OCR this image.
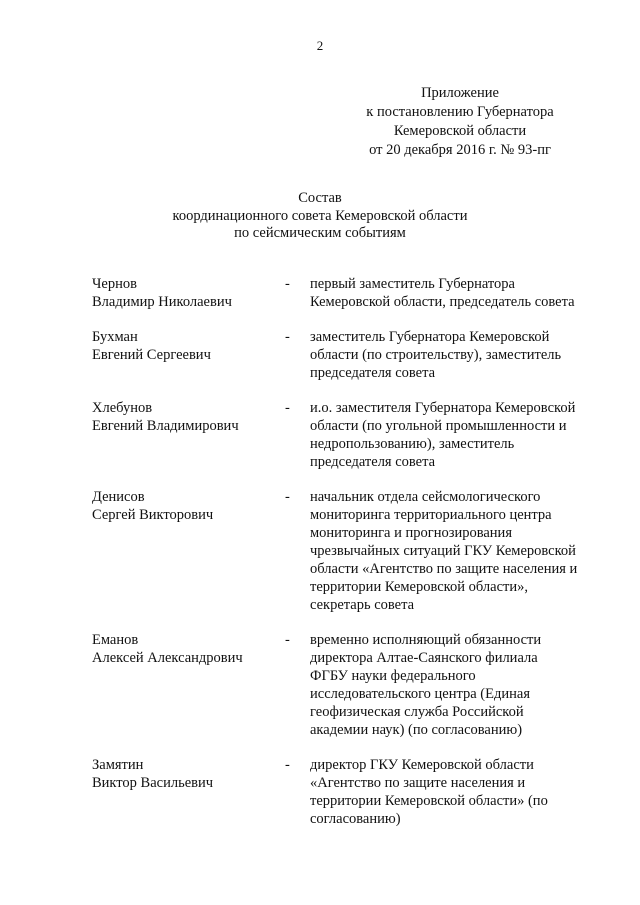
2
Приложение
к постановлению Губернатора
Кемеровской области
от 20 декабря 2016 г. № 93-пг
Состав
координационного совета Кемеровской области
по сейсмическим событиям
Чернов
Владимир Николаевич
-	первый заместитель Губернатора
Кемеровской области, председатель совета
Бухман
Евгений Сергеевич
-	заместитель Губернатора Кемеровской
области (по строительству), заместитель
председателя совета
Хлебунов
Евгений Владимирович
-	и.о. заместителя Губернатора Кемеровской
области (по угольной промышленности и
недропользованию), заместитель
председателя совета
Денисов
Сергей Викторович
-	начальник отдела сейсмологического
мониторинга территориального центра
мониторинга и прогнозирования
чрезвычайных ситуаций ГКУ Кемеровской
области «Агентство по защите населения и
территории Кемеровской области»,
секретарь совета
Еманов
Алексей Александрович
-	временно исполняющий обязанности
директора Алтае-Саянского филиала
ФГБУ науки федерального
исследовательского центра (Единая
геофизическая служба Российской
академии наук) (по согласованию)
Замятин
Виктор Васильевич
-	директор ГКУ Кемеровской области
«Агентство по защите населения и
территории Кемеровской области» (по
согласованию)
